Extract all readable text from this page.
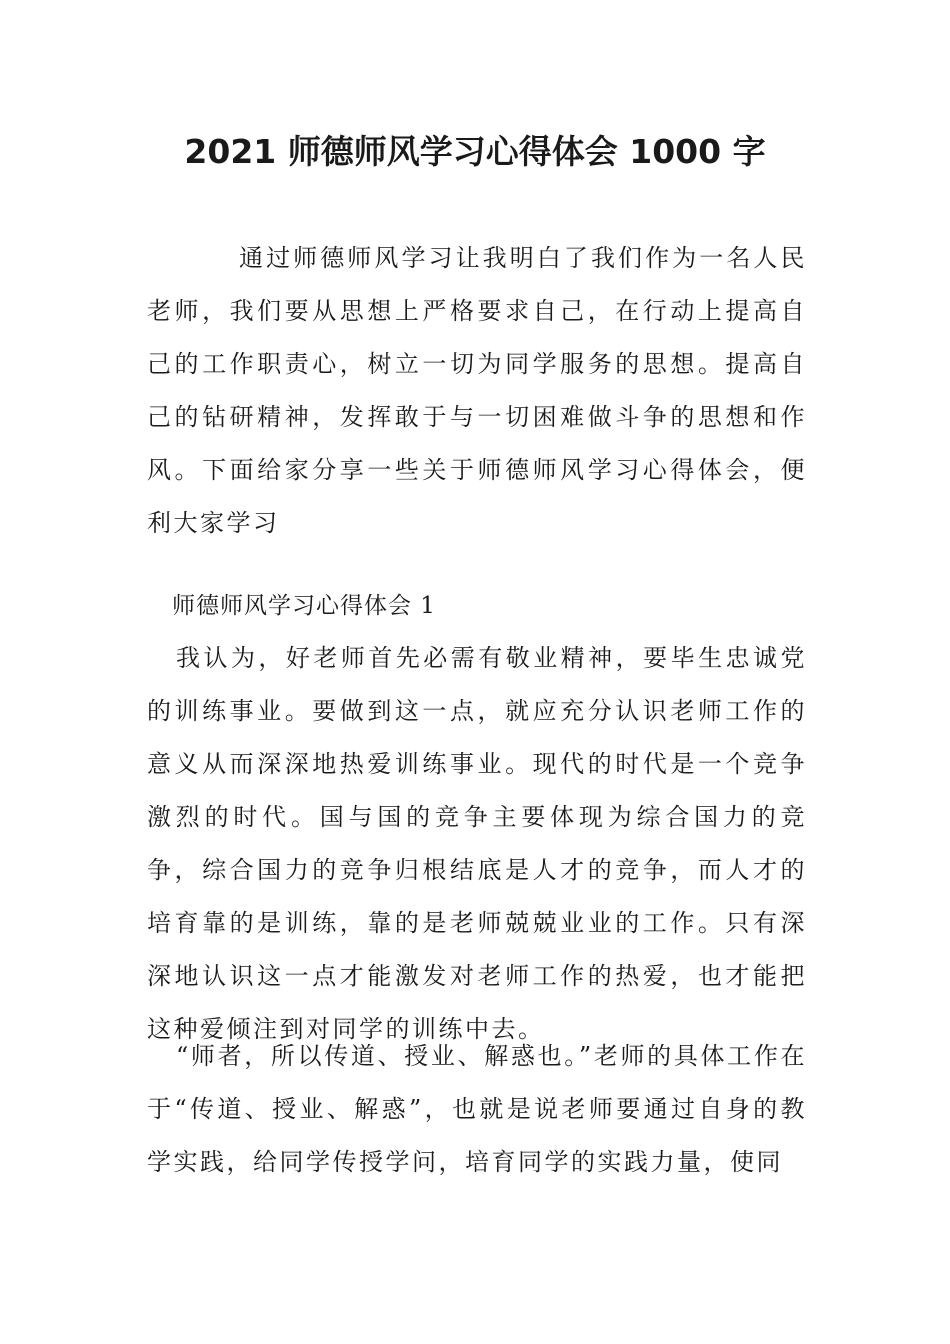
2021 师德师风学习心得体会 1000 字

通过师德师风学习让我明白了我们作为一名人民老师，我们要从思想上严格要求自己，在行动上提高自己的工作职责心，树立一切为同学服务的思想。提高自己的钻研精神，发挥敢于与一切困难做斗争的思想和作风。下面给家分享一些关于师德师风学习心得体会，便利大家学习

师德师风学习心得体会 1

我认为，好老师首先必需有敬业精神，要毕生忠诚党的训练事业。要做到这一点，就应充分认识老师工作的意义从而深深地热爱训练事业。现代的时代是一个竞争激烈的时代。国与国的竞争主要体现为综合国力的竞争，综合国力的竞争归根结底是人才的竞争，而人才的培育靠的是训练，靠的是老师兢兢业业的工作。只有深深地认识这一点才能激发对老师工作的热爱，也才能把这种爱倾注到对同学的训练中去。

“师者，所以传道、授业、解惑也。”老师的具体工作在于“传道、授业、解惑”，也就是说老师要通过自身的教学实践，给同学传授学问，培育同学的实践力量，使同
